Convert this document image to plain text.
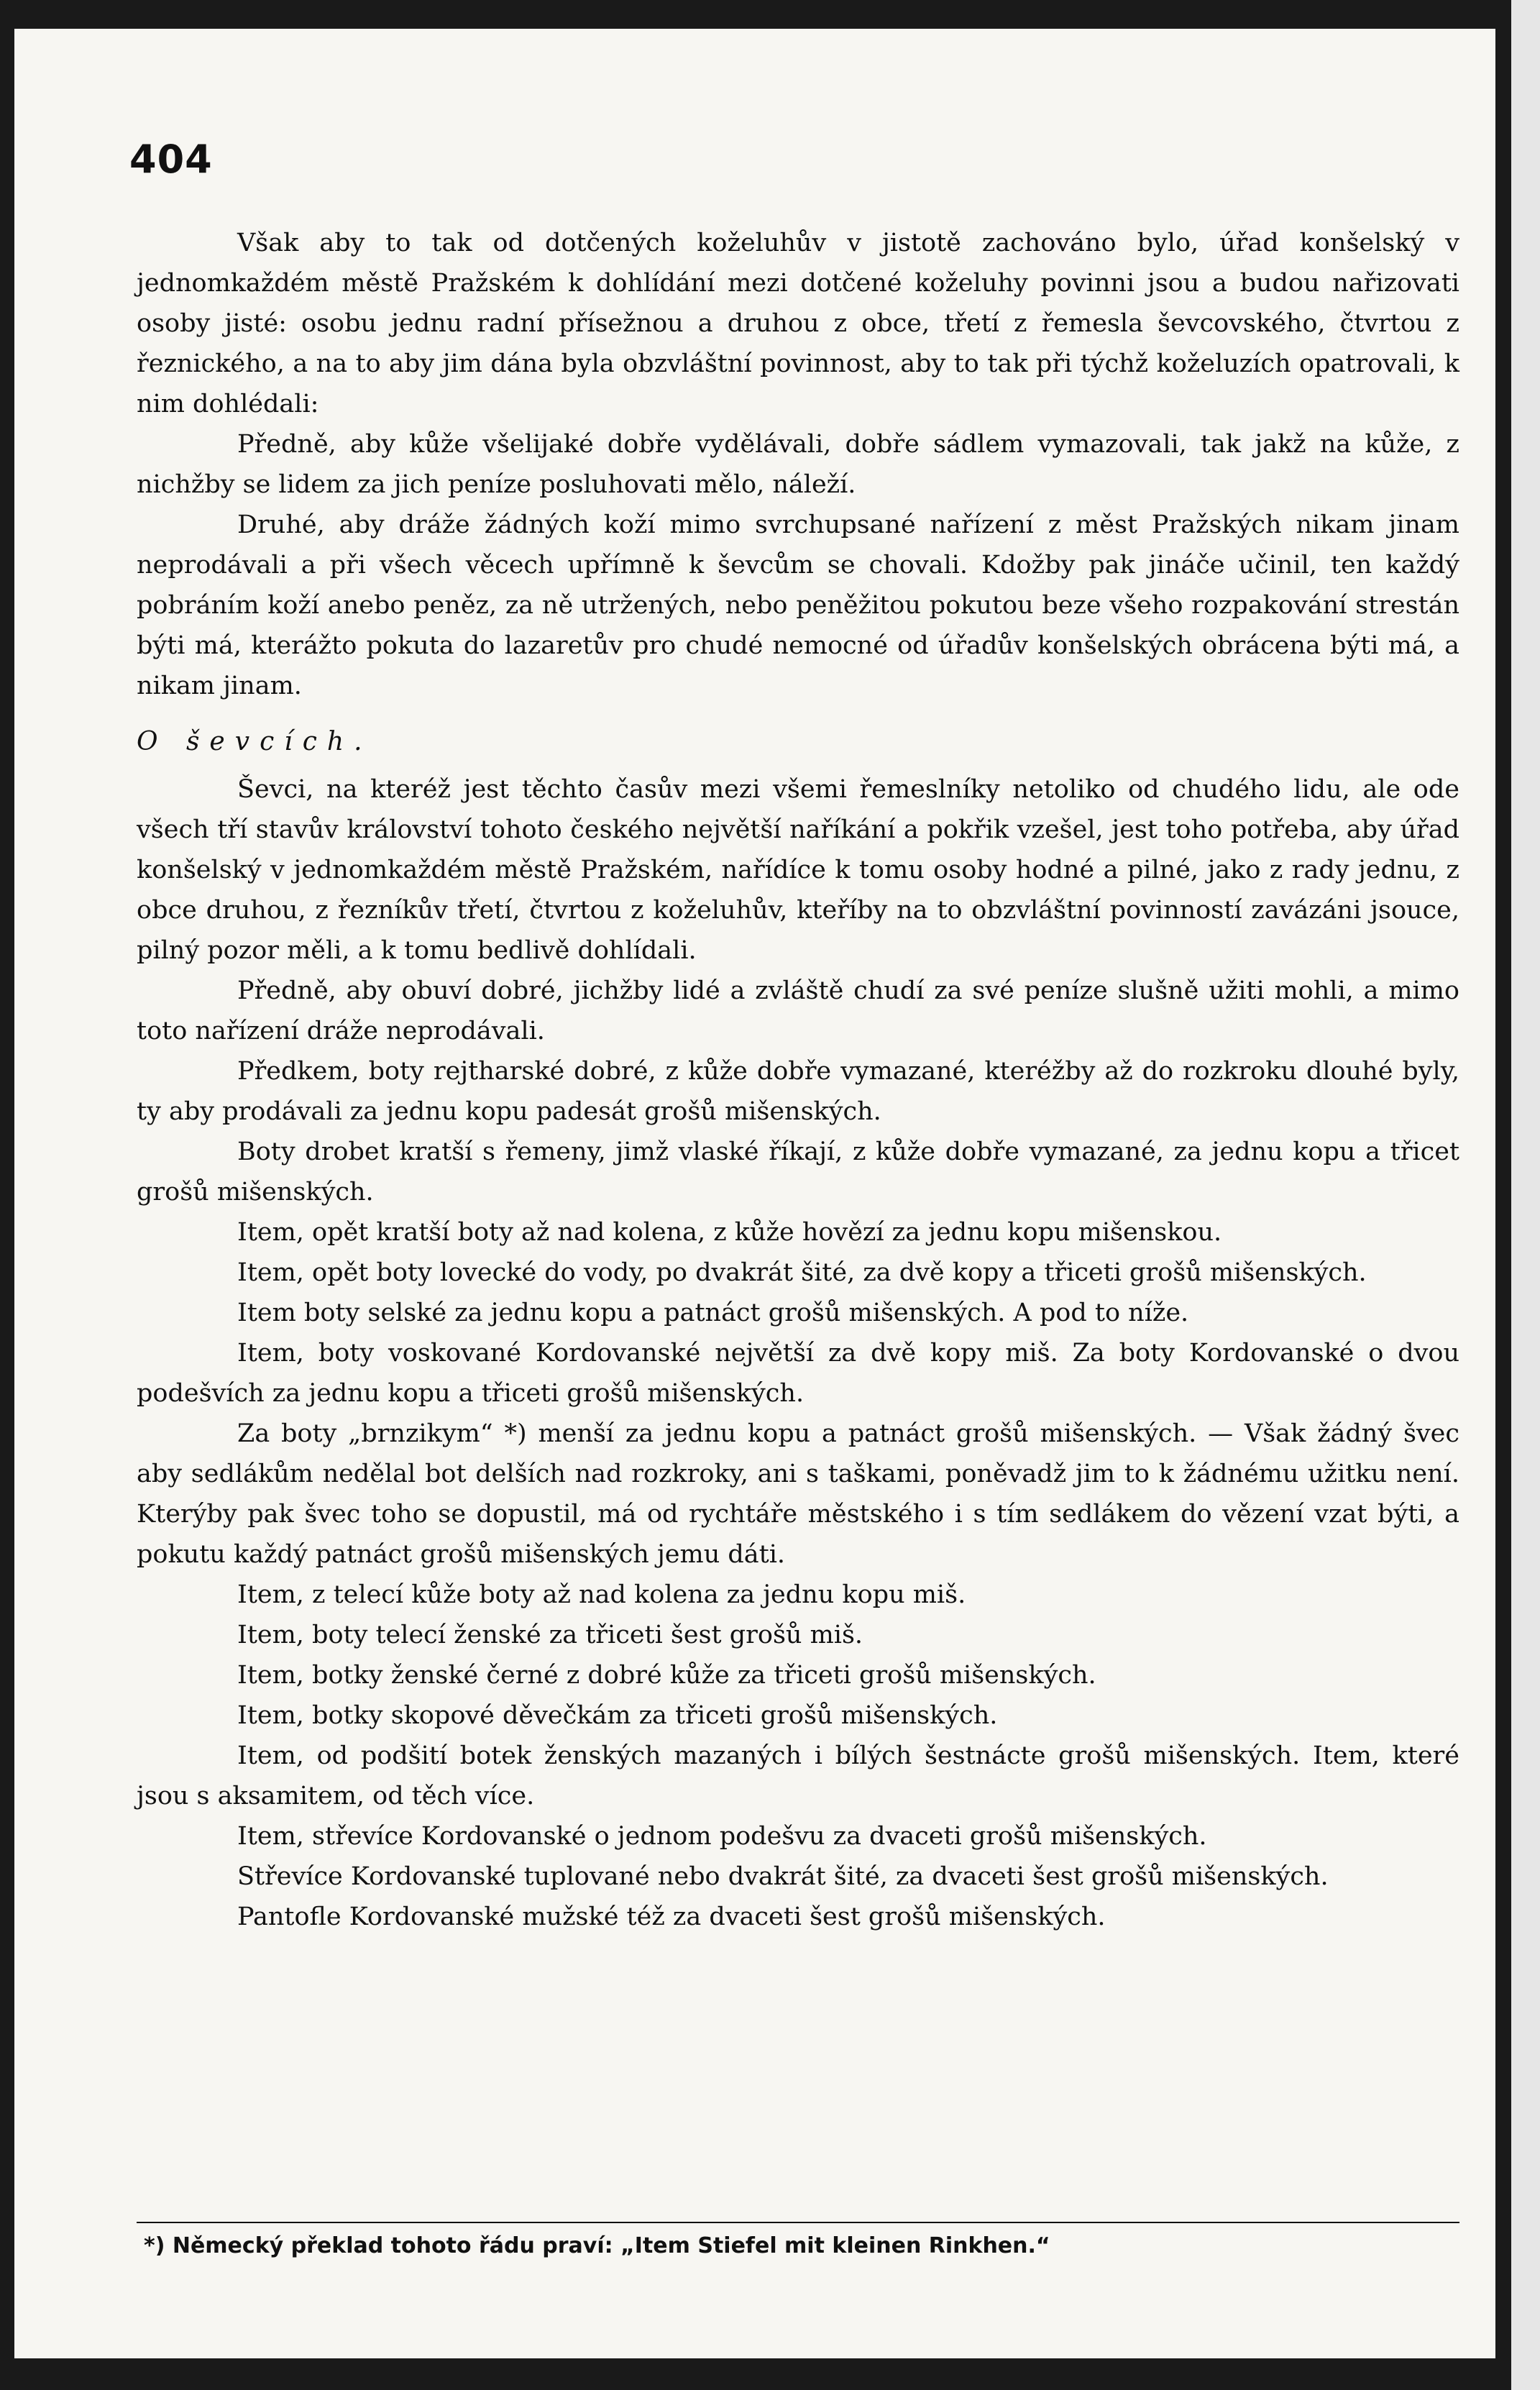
404

Však aby to tak od dotčených koželuhův v jistotě zachováno bylo, úřad konšelský v jednomkaždém městě Pražském k dohlídání mezi dotčené koželuhy povinni jsou a budou nařizovati osoby jisté: osobu jednu radní přísežnou a druhou z obce, třetí z řemesla ševcovského, čtvrtou z řeznického, a na to aby jim dána byla obzvláštní povinnost, aby to tak při týchž koželuzích opatrovali, k nim dohlédali:

Předně, aby kůže všelijaké dobře vydělávali, dobře sádlem vymazovali, tak jakž na kůže, z nichžby se lidem za jich peníze posluhovati mělo, náleží.

Druhé, aby dráže žádných koží mimo svrchupsané nařízení z měst Pražských nikam jinam neprodávali a při všech věcech upřímně k ševcům se chovali. Kdožby pak jináče učinil, ten každý pobráním koží anebo peněz, za ně utržených, nebo peněžitou pokutou beze všeho rozpakování strestán býti má, kterážto pokuta do lazaretův pro chudé nemocné od úřadův konšelských obrácena býti má, a nikam jinam.

O ševcích.

Ševci, na kteréž jest těchto časův mezi všemi řemeslníky netoliko od chudého lidu, ale ode všech tří stavův království tohoto českého největší naříkání a pokřik vzešel, jest toho potřeba, aby úřad konšelský v jednomkaždém městě Pražském, nařídíce k tomu osoby hodné a pilné, jako z rady jednu, z obce druhou, z řezníkův třetí, čtvrtou z koželuhův, kteříby na to obzvláštní povinností zavázáni jsouce, pilný pozor měli, a k tomu bedlivě dohlídali.

Předně, aby obuví dobré, jichžby lidé a zvláště chudí za své peníze slušně užiti mohli, a mimo toto nařízení dráže neprodávali.

Předkem, boty rejtharské dobré, z kůže dobře vymazané, kteréžby až do rozkroku dlouhé byly, ty aby prodávali za jednu kopu padesát grošů mišenských.

Boty drobet kratší s řemeny, jimž vlaské říkají, z kůže dobře vymazané, za jednu kopu a třicet grošů mišenských.

Item, opět kratší boty až nad kolena, z kůže hovězí za jednu kopu mišenskou.

Item, opět boty lovecké do vody, po dvakrát šité, za dvě kopy a třiceti grošů mišenských.

Item boty selské za jednu kopu a patnáct grošů mišenských. A pod to níže.

Item, boty voskované Kordovanské největší za dvě kopy miš. Za boty Kordovanské o dvou podešvích za jednu kopu a třiceti grošů mišenských.

Za boty „brnzikym“ *) menší za jednu kopu a patnáct grošů mišenských. — Však žádný švec aby sedlákům nedělal bot delších nad rozkroky, ani s taškami, poněvadž jim to k žádnému užitku není. Kterýby pak švec toho se dopustil, má od rychtáře městského i s tím sedlákem do vězení vzat býti, a pokutu každý patnáct grošů mišenských jemu dáti.

Item, z telecí kůže boty až nad kolena za jednu kopu miš.

Item, boty telecí ženské za třiceti šest grošů miš.

Item, botky ženské černé z dobré kůže za třiceti grošů mišenských.

Item, botky skopové děvečkám za třiceti grošů mišenských.

Item, od podšití botek ženských mazaných i bílých šestnácte grošů mišenských. Item, které jsou s aksamitem, od těch více.

Item, střevíce Kordovanské o jednom podešvu za dvaceti grošů mišenských.

Střevíce Kordovanské tuplované nebo dvakrát šité, za dvaceti šest grošů mišenských.

Pantofle Kordovanské mužské též za dvaceti šest grošů mišenských.

*) Německý překlad tohoto řádu praví: „Item Stiefel mit kleinen Rinkhen.“
